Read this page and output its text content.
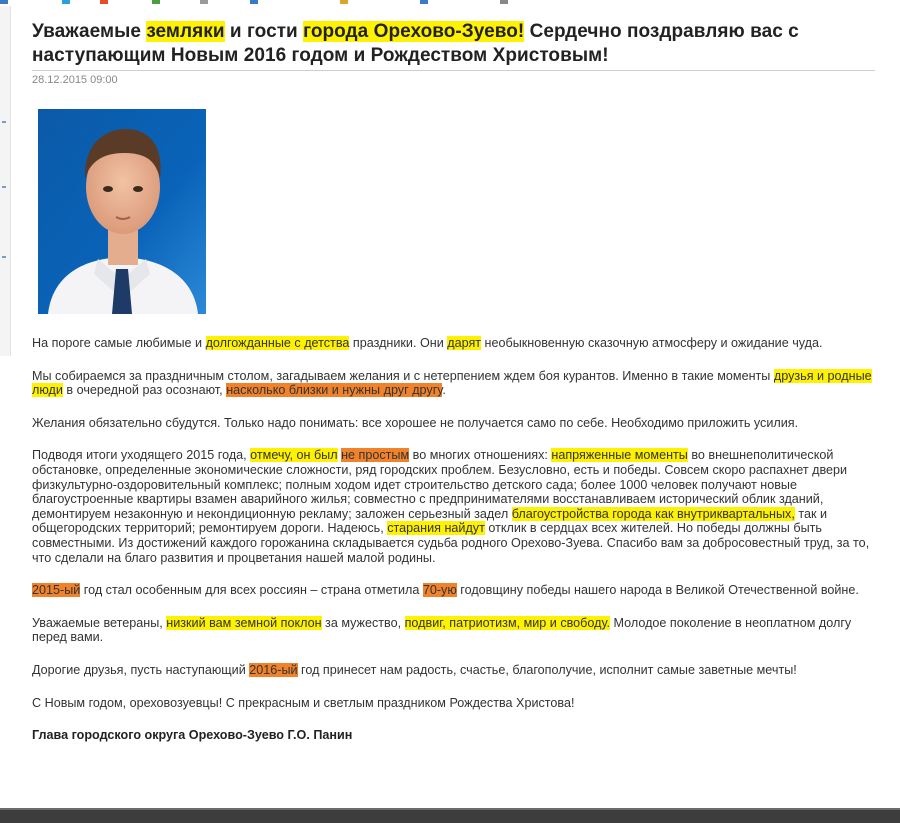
Уважаемые земляки и гости города Орехово-Зуево! Сердечно поздравляю вас с наступающим Новым 2016 годом и Рождеством Христовым!
28.12.2015 09:00

На пороге самые любимые и долгожданные с детства праздники. Они дарят необыкновенную сказочную атмосферу и ожидание чуда.

Мы собираемся за праздничным столом, загадываем желания и с нетерпением ждем боя курантов. Именно в такие моменты друзья и родные люди в очередной раз осознают, насколько близки и нужны друг другу.

Желания обязательно сбудутся. Только надо понимать: все хорошее не получается само по себе. Необходимо приложить усилия.

Подводя итоги уходящего 2015 года, отмечу, он был не простым во многих отношениях: напряженные моменты во внешнеполитической обстановке, определенные экономические сложности, ряд городских проблем. Безусловно, есть и победы. Совсем скоро распахнет двери физкультурно-оздоровительный комплекс; полным ходом идет строительство детского сада; более 1000 человек получают новые благоустроенные квартиры взамен аварийного жилья; совместно с предпринимателями восстанавливаем исторический облик зданий, демонтируем незаконную и некондиционную рекламу; заложен серьезный задел благоустройства города как внутриквартальных, так и общегородских территорий; ремонтируем дороги. Надеюсь, старания найдут отклик в сердцах всех жителей. Но победы должны быть совместными. Из достижений каждого горожанина складывается судьба родного Орехово-Зуева. Спасибо вам за добросовестный труд, за то, что сделали на благо развития и процветания нашей малой родины.

2015-ый год стал особенным для всех россиян – страна отметила 70-ую годовщину победы нашего народа в Великой Отечественной войне.

Уважаемые ветераны, низкий вам земной поклон за мужество, подвиг, патриотизм, мир и свободу. Молодое поколение в неоплатном долгу перед вами.

Дорогие друзья, пусть наступающий 2016-ый год принесет нам радость, счастье, благополучие, исполнит самые заветные мечты!

С Новым годом, ореховозуевцы! С прекрасным и светлым праздником Рождества Христова!

Глава городского округа Орехово-Зуево Г.О. Панин
